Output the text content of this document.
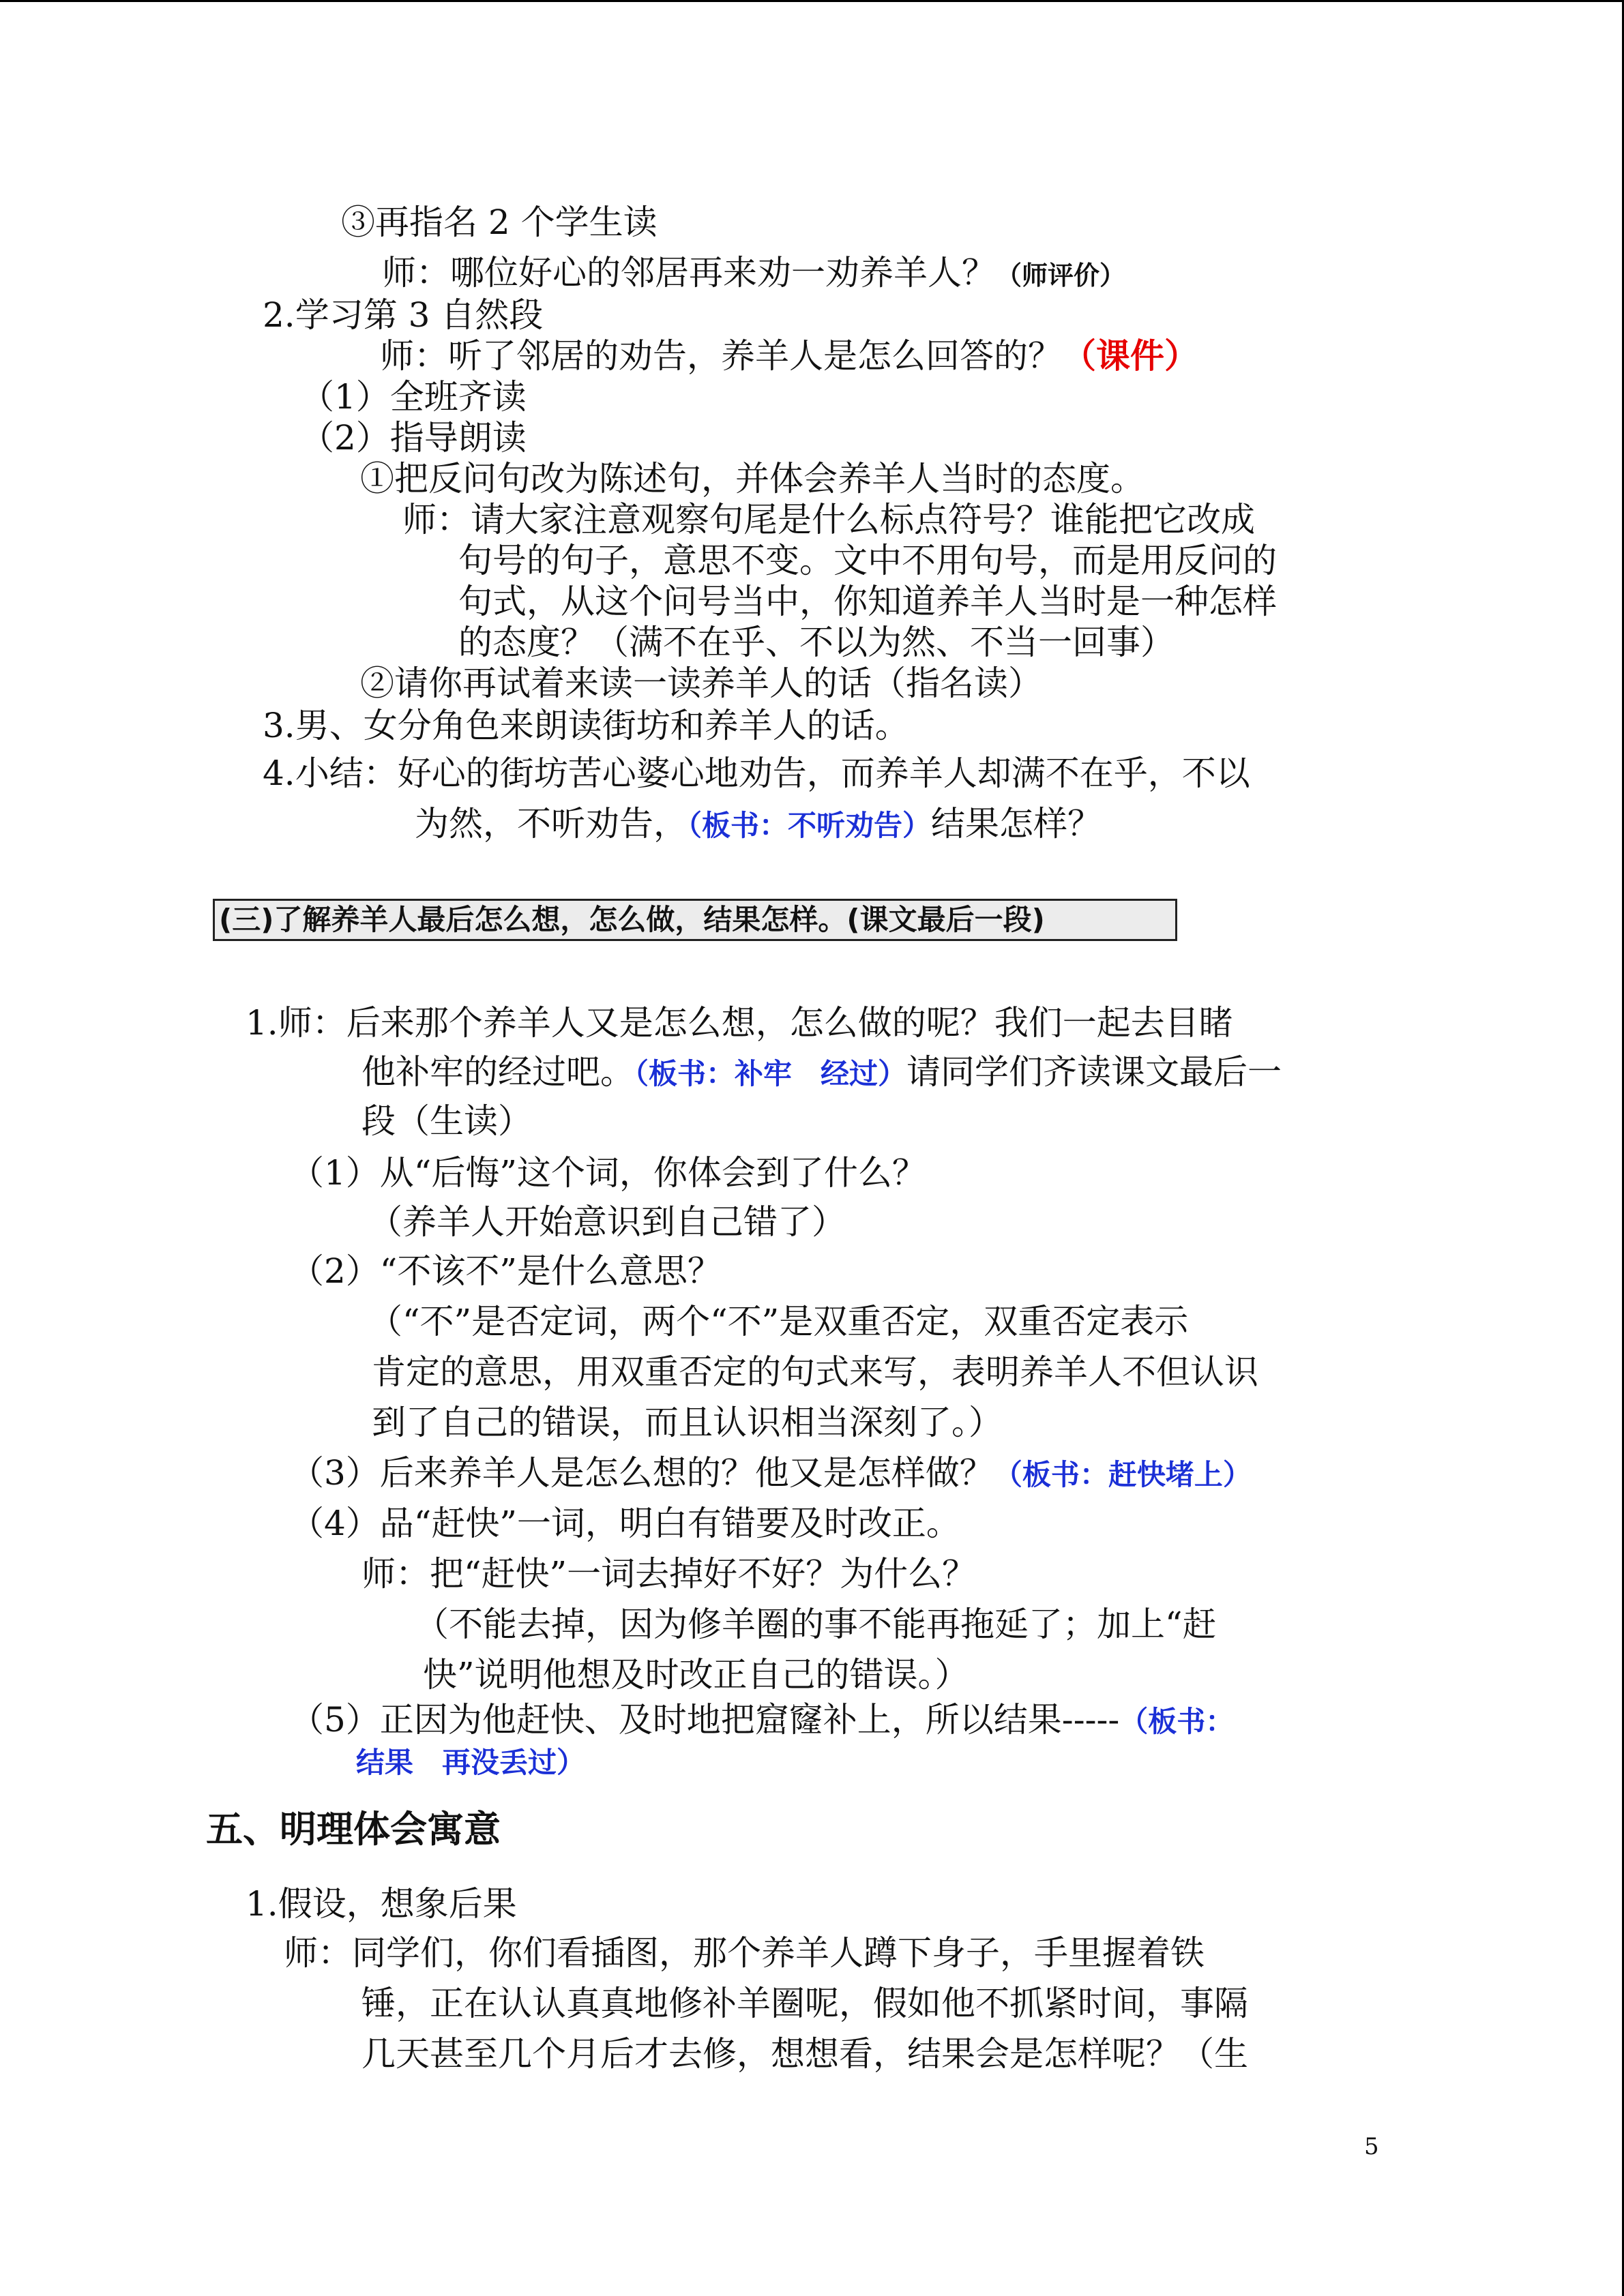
③再指名 2 个学生读
师：哪位好心的邻居再来劝一劝养羊人？（师评价）
2.学习第 3 自然段
师：听了邻居的劝告，养羊人是怎么回答的？（课件）
（1）全班齐读
（2）指导朗读
①把反问句改为陈述句，并体会养羊人当时的态度。
师：请大家注意观察句尾是什么标点符号？谁能把它改成
句号的句子，意思不变。文中不用句号，而是用反问的
句式，从这个问号当中，你知道养羊人当时是一种怎样
的态度？（满不在乎、不以为然、不当一回事）
②请你再试着来读一读养羊人的话（指名读）
3.男、女分角色来朗读街坊和养羊人的话。
4.小结：好心的街坊苦心婆心地劝告，而养羊人却满不在乎，不以
为然，不听劝告，（板书：不听劝告）结果怎样？
(三)了解养羊人最后怎么想，怎么做，结果怎样。(课文最后一段)
1.师：后来那个养羊人又是怎么想，怎么做的呢？我们一起去目睹
他补牢的经过吧。（板书：补牢　经过）请同学们齐读课文最后一
段（生读）
（1）从“后悔”这个词，你体会到了什么？
（养羊人开始意识到自己错了）
（2）“不该不”是什么意思？
（“不”是否定词，两个“不”是双重否定，双重否定表示
肯定的意思，用双重否定的句式来写，表明养羊人不但认识
到了自己的错误，而且认识相当深刻了。）
（3）后来养羊人是怎么想的？他又是怎样做？（板书：赶快堵上）
（4）品“赶快”一词，明白有错要及时改正。
师：把“赶快”一词去掉好不好？为什么？
（不能去掉，因为修羊圈的事不能再拖延了；加上“赶
快”说明他想及时改正自己的错误。）
（5）正因为他赶快、及时地把窟窿补上，所以结果-----（板书：
结果　再没丢过）
五、明理体会寓意
1.假设，想象后果
师：同学们，你们看插图，那个养羊人蹲下身子，手里握着铁
锤，正在认认真真地修补羊圈呢，假如他不抓紧时间，事隔
几天甚至几个月后才去修，想想看，结果会是怎样呢？（生
5
